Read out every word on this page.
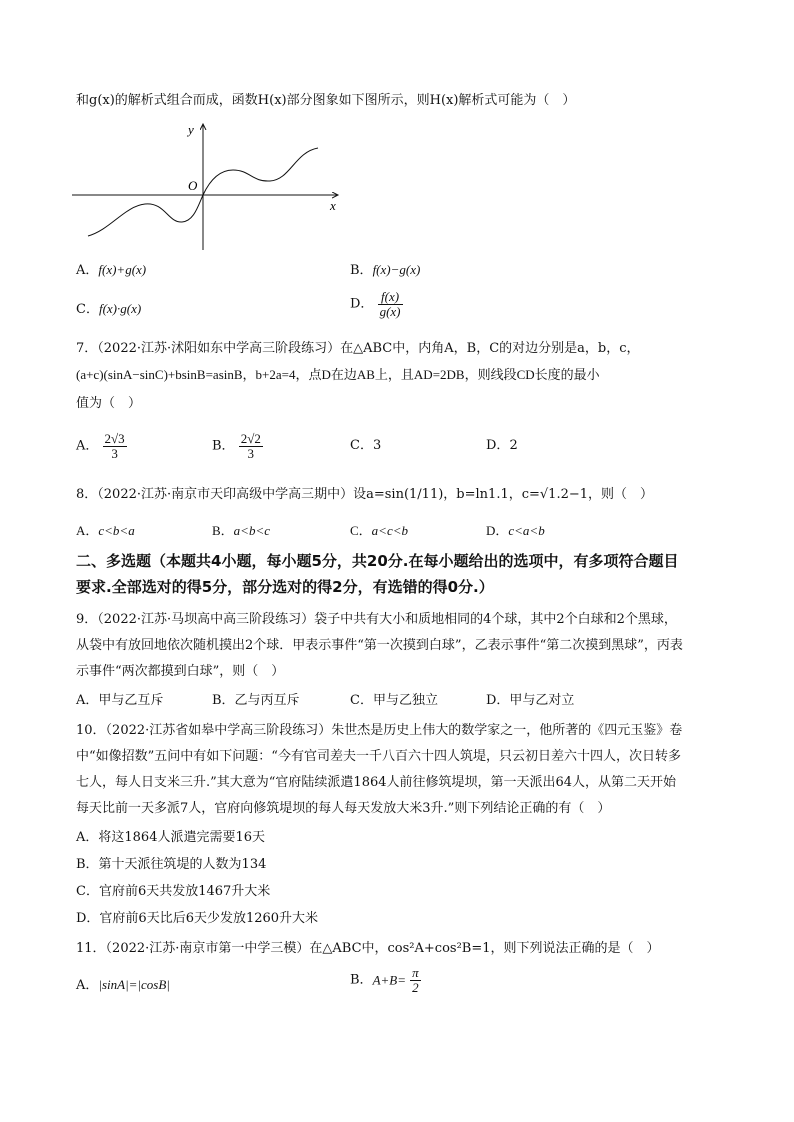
和g(x)的解析式组合而成，函数H(x)部分图象如下图所示，则H(x)解析式可能为（　）
y
x
O
A．f(x)+g(x)	B．f(x)−g(x)
C．f(x)·g(x)	D． $\frac{f(x)}{g(x)}$
7．（2022·江苏·沭阳如东中学高三阶段练习）在△ABC中，内角A，B，C的对边分别是a，b，c，
(a+c)(sinA−sinC)+bsinB=asinB，b+2a=4，点D在边AB上，且AD=2DB，则线段CD长度的最小
值为（　）
A． $\frac{2√3}{3}$	B． $\frac{2√2}{3}$	C．3	D．2
8．（2022·江苏·南京市天印高级中学高三期中）设a=sin(1/11)，b=ln1.1，c=√1.2−1，则（　）
A．c<b<a	B．a<b<c	C．a<c<b	D．c<a<b
二、多选题（本题共4小题，每小题5分，共20分.在每小题给出的选项中，有多项符合题目
要求.全部选对的得5分，部分选对的得2分，有选错的得0分.）
9．（2022·江苏·马坝高中高三阶段练习）袋子中共有大小和质地相同的4个球，其中2个白球和2个黑球，
从袋中有放回地依次随机摸出2个球．甲表示事件“第一次摸到白球”，乙表示事件“第二次摸到黑球”，丙表
示事件“两次都摸到白球”，则（　）
A．甲与乙互斥	B．乙与丙互斥	C．甲与乙独立	D．甲与乙对立
10．（2022·江苏省如皋中学高三阶段练习）朱世杰是历史上伟大的数学家之一，他所著的《四元玉鉴》卷
中“如像招数”五问中有如下问题：“今有官司差夫一千八百六十四人筑堤，只云初日差六十四人，次日转多
七人，每人日支米三升.”其大意为“官府陆续派遣1864人前往修筑堤坝，第一天派出64人，从第二天开始
每天比前一天多派7人，官府向修筑堤坝的每人每天发放大米3升.”则下列结论正确的有（　）
A．将这1864人派遣完需要16天
B．第十天派往筑堤的人数为134
C．官府前6天共发放1467升大米
D．官府前6天比后6天少发放1260升大米
11．（2022·江苏·南京市第一中学三模）在△ABC中，cos²A+cos²B=1，则下列说法正确的是（　）
A．|sinA|=|cosB|	B．$A+B= \frac{\pi}{2}$
